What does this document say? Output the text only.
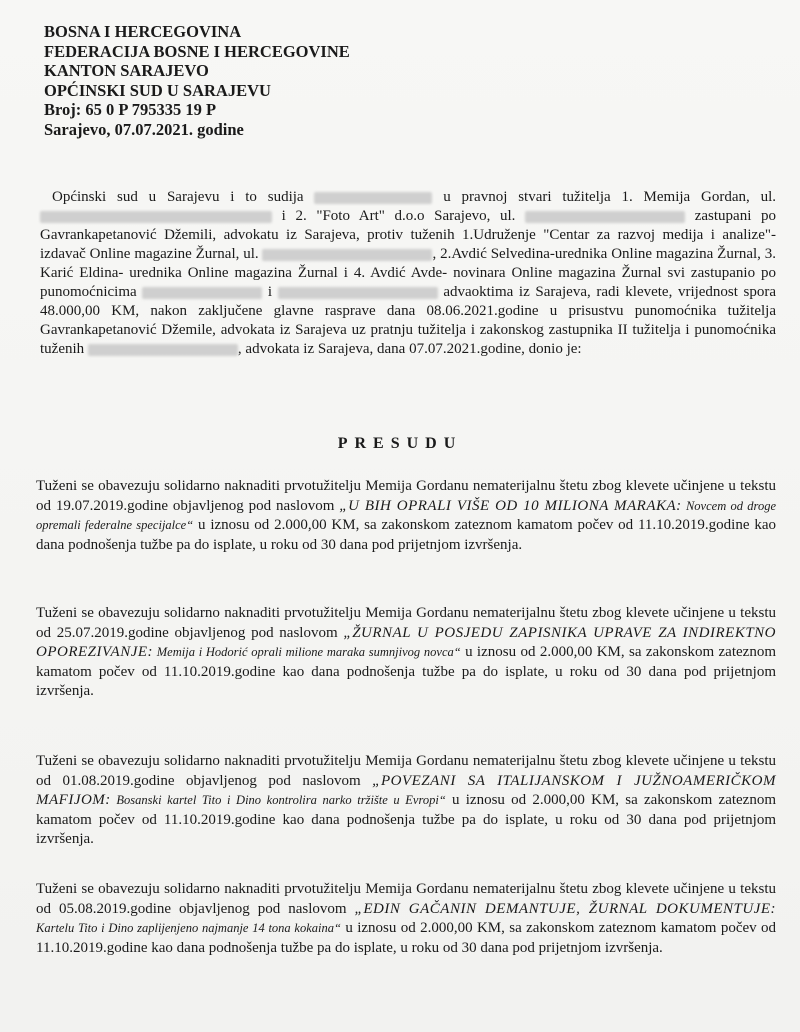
BOSNA I HERCEGOVINA
FEDERACIJA BOSNE I HERCEGOVINE
KANTON SARAJEVO
OPĆINSKI SUD U SARAJEVU
Broj: 65 0 P 795335 19 P
Sarajevo, 07.07.2021. godine

Općinski sud u Sarajevu i to sudija	u pravnoj stvari tužitelja 1. Memija Gordan, ul.  i 2. "Foto Art" d.o.o Sarajevo, ul.	zastupani po Gavrankapetanović Džemili, advokatu iz Sarajeva, protiv tuženih 1.Udruženje "Centar za razvoj medija i analize"- izdavač Online magazine Žurnal, ul.	, 2.Avdić Selvedina-urednika Online magazina Žurnal, 3. Karić Eldina- urednika Online magazina Žurnal i 4. Avdić Avde- novinara Online magazina Žurnal svi zastupanio po punomoćnicima	i	advaoktima iz Sarajeva, radi klevete, vrijednost spora 48.000,00 KM, nakon zaključene glavne rasprave dana 08.06.2021.godine u prisustvu punomoćnika tužitelja Gavrankapetanović Džemile, advokata iz Sarajeva uz pratnju tužitelja i zakonskog zastupnika II tužitelja i punomoćnika tuženih	, advokata iz Sarajeva, dana 07.07.2021.godine, donio je:

PRESUDU

Tuženi se obavezuju solidarno naknaditi prvotužitelju Memija Gordanu nematerijalnu štetu zbog klevete učinjene u tekstu od 19.07.2019.godine objavljenog pod naslovom „U BIH OPRALI VIŠE OD 10 MILIONA MARAKA: Novcem od droge opremali federalne specijalce“ u iznosu od 2.000,00 KM, sa zakonskom zateznom kamatom počev od 11.10.2019.godine kao dana podnošenja tužbe pa do isplate, u roku od 30 dana pod prijetnjom izvršenja.

Tuženi se obavezuju solidarno naknaditi prvotužitelju Memija Gordanu nematerijalnu štetu zbog klevete učinjene u tekstu od 25.07.2019.godine objavljenog pod naslovom „ŽURNAL U POSJEDU ZAPISNIKA UPRAVE ZA INDIREKTNO OPOREZIVANJE: Memija i Hodorić oprali milione maraka sumnjivog novca“ u iznosu od 2.000,00 KM, sa zakonskom zateznom kamatom počev od 11.10.2019.godine kao dana podnošenja tužbe pa do isplate, u roku od 30 dana pod prijetnjom izvršenja.

Tuženi se obavezuju solidarno naknaditi prvotužitelju Memija Gordanu nematerijalnu štetu zbog klevete učinjene u tekstu od 01.08.2019.godine objavljenog pod naslovom „POVEZANI SA ITALIJANSKOM I JUŽNOAMERIČKOM MAFIJOM: Bosanski kartel Tito i Dino kontrolira narko tržište u Evropi“ u iznosu od 2.000,00 KM, sa zakonskom zateznom kamatom počev od 11.10.2019.godine kao dana podnošenja tužbe pa do isplate, u roku od 30 dana pod prijetnjom izvršenja.

Tuženi se obavezuju solidarno naknaditi prvotužitelju Memija Gordanu nematerijalnu štetu zbog klevete učinjene u tekstu od 05.08.2019.godine objavljenog pod naslovom „EDIN GAČANIN DEMANTUJE, ŽURNAL DOKUMENTUJE: Kartelu Tito i Dino zaplijenjeno najmanje 14 tona kokaina“ u iznosu od 2.000,00 KM, sa zakonskom zateznom kamatom počev od 11.10.2019.godine kao dana podnošenja tužbe pa do isplate, u roku od 30 dana pod prijetnjom izvršenja.
